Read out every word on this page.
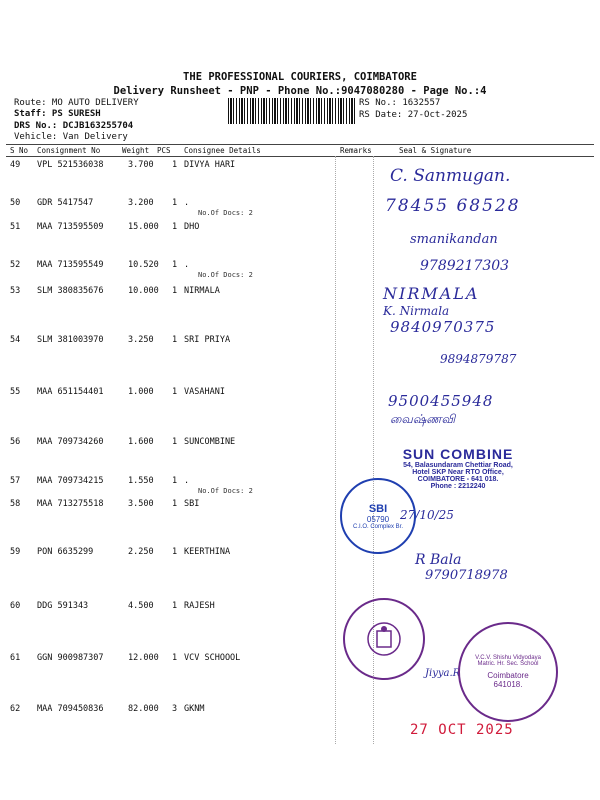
THE PROFESSIONAL COURIERS, COIMBATORE
Delivery Runsheet - PNP - Phone No.:9047080280 - Page No.:4
Route: MO AUTO DELIVERY
Staff: PS SURESH
DRS No.: DCJB163255704
Vehicle: Van Delivery
RS No.: 1632557
RS Date: 27-Oct-2025
S No Consignment No	Weight PCS Consignee Details	Remarks	Seal & Signature
49 VPL 521536038	3.700 1 DIVYA HARI
50 GDR 5417547	3.200 1 .
No.Of Docs: 2
51 MAA 713595509	15.000 1 DHO
52 MAA 713595549	10.520 1 .
No.Of Docs: 2
53 SLM 380835676	10.000 1 NIRMALA
54 SLM 381003970	3.250 1 SRI PRIYA
55 MAA 651154401	1.000 1 VASAHANI
56 MAA 709734260	1.600 1 SUNCOMBINE
57 MAA 709734215	1.550 1 .
No.Of Docs: 2
58 MAA 713275518	3.500 1 SBI
59 PON 6635299	2.250 1 KEERTHINA
60 DDG 591343	4.500 1 RAJESH
61 GGN 900987307	12.000 1 VCV SCHOOOL
62 MAA 709450836	82.000 3 GKNM
C. Sanmugan.
78455 68528
smanikandan
9789217303
NIRMALA
K. Nirmala
9840970375
9894879787
9500455948
வைஷ்ணவி
R Bala
9790718978
Jiyya.R
27/10/25
SUN COMBINE
54, Balasundaram Chettiar Road,
Hotel SKP Near RTO Office,
COIMBATORE - 641 018.
Phone : 2212240
SBI
05790
C.I.O. Complex Br.
V.C.V. Shishu Vidyodaya Matric. Hr. Sec. School
Coimbatore 641018.
27 OCT 2025
